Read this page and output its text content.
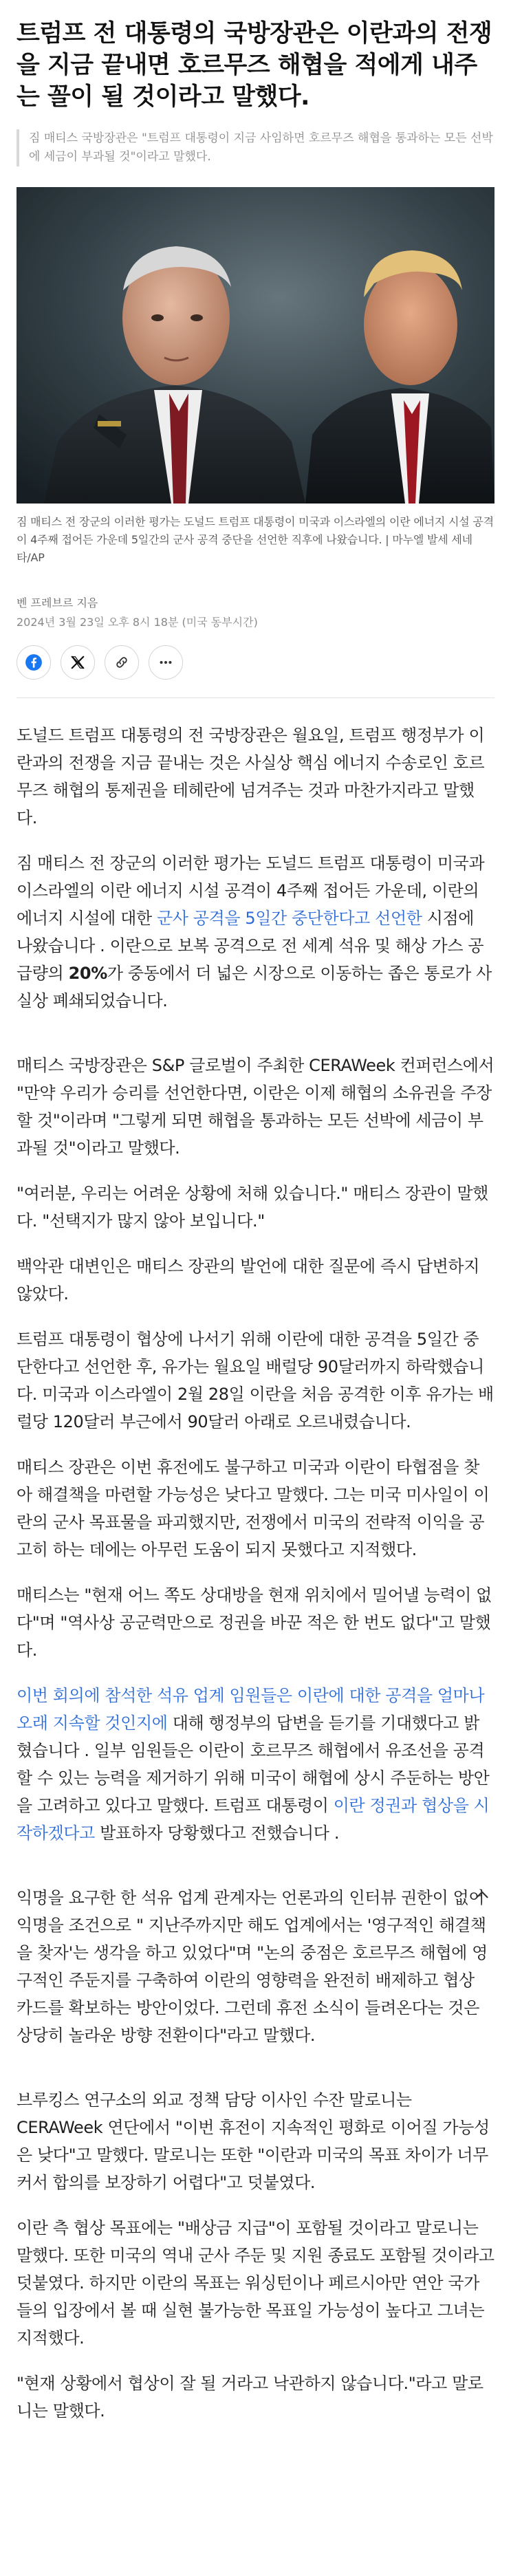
트럼프 전 대통령의 국방장관은 이란과의 전쟁을 지금 끝내면 호르무즈 해협을 적에게 내주는 꼴이 될 것이라고 말했다.
짐 매티스 국방장관은 "트럼프 대통령이 지금 사임하면 호르무즈 해협을 통과하는 모든 선박에 세금이 부과될 것"이라고 말했다.
짐 매티스 전 장군의 이러한 평가는 도널드 트럼프 대통령이 미국과 이스라엘의 이란 에너지 시설 공격이 4주째 접어든 가운데 5일간의 군사 공격 중단을 선언한 직후에 나왔습니다. | 마누엘 발세 세네타/AP
벤 프레브르 지음
2024년 3월 23일 오후 8시 18분 (미국 동부시간)

도널드 트럼프 대통령의 전 국방장관은 월요일, 트럼프 행정부가 이란과의 전쟁을 지금 끝내는 것은 사실상 핵심 에너지 수송로인 호르무즈 해협의 통제권을 테헤란에 넘겨주는 것과 마찬가지라고 말했다.

짐 매티스 전 장군의 이러한 평가는 도널드 트럼프 대통령이 미국과 이스라엘의 이란 에너지 시설 공격이 4주째 접어든 가운데, 이란의 에너지 시설에 대한 군사 공격을 5일간 중단한다고 선언한 시점에 나왔습니다 . 이란으로 보복 공격으로 전 세계 석유 및 해상 가스 공급량의 20%가 중동에서 더 넓은 시장으로 이동하는 좁은 통로가 사실상 폐쇄되었습니다.

매티스 국방장관은 S&P 글로벌이 주최한 CERAWeek 컨퍼런스에서 "만약 우리가 승리를 선언한다면, 이란은 이제 해협의 소유권을 주장할 것"이라며 "그렇게 되면 해협을 통과하는 모든 선박에 세금이 부과될 것"이라고 말했다.

"여러분, 우리는 어려운 상황에 처해 있습니다." 매티스 장관이 말했다. "선택지가 많지 않아 보입니다."

백악관 대변인은 매티스 장관의 발언에 대한 질문에 즉시 답변하지 않았다.

트럼프 대통령이 협상에 나서기 위해 이란에 대한 공격을 5일간 중단한다고 선언한 후, 유가는 월요일 배럴당 90달러까지 하락했습니다. 미국과 이스라엘이 2월 28일 이란을 처음 공격한 이후 유가는 배럴당 120달러 부근에서 90달러 아래로 오르내렸습니다.

매티스 장관은 이번 휴전에도 불구하고 미국과 이란이 타협점을 찾아 해결책을 마련할 가능성은 낮다고 말했다. 그는 미국 미사일이 이란의 군사 목표물을 파괴했지만, 전쟁에서 미국의 전략적 이익을 공고히 하는 데에는 아무런 도움이 되지 못했다고 지적했다.

매티스는 "현재 어느 쪽도 상대방을 현재 위치에서 밀어낼 능력이 없다"며 "역사상 공군력만으로 정권을 바꾼 적은 한 번도 없다"고 말했다.

이번 회의에 참석한 석유 업계 임원들은 이란에 대한 공격을 얼마나 오래 지속할 것인지에 대해 행정부의 답변을 듣기를 기대했다고 밝혔습니다 . 일부 임원들은 이란이 호르무즈 해협에서 유조선을 공격할 수 있는 능력을 제거하기 위해 미국이 해협에 상시 주둔하는 방안을 고려하고 있다고 말했다. 트럼프 대통령이 이란 정권과 협상을 시작하겠다고 발표하자 당황했다고 전했습니다 .

익명을 요구한 한 석유 업계 관계자는 언론과의 인터뷰 권한이 없어 익명을 조건으로 " 지난주까지만 해도 업계에서는 '영구적인 해결책을 찾자'는 생각을 하고 있었다"며 "논의 중점은 호르무즈 해협에 영구적인 주둔지를 구축하여 이란의 영향력을 완전히 배제하고 협상 카드를 확보하는 방안이었다. 그런데 휴전 소식이 들려온다는 것은 상당히 놀라운 방향 전환이다"라고 말했다.

브루킹스 연구소의 외교 정책 담당 이사인 수잔 말로니는 CERAWeek 연단에서 "이번 휴전이 지속적인 평화로 이어질 가능성은 낮다"고 말했다. 말로니는 또한 "이란과 미국의 목표 차이가 너무 커서 합의를 보장하기 어렵다"고 덧붙였다.

이란 측 협상 목표에는 "배상금 지급"이 포함될 것이라고 말로니는 말했다. 또한 미국의 역내 군사 주둔 및 지원 종료도 포함될 것이라고 덧붙였다. 하지만 이란의 목표는 워싱턴이나 페르시아만 연안 국가들의 입장에서 볼 때 실현 불가능한 목표일 가능성이 높다고 그녀는 지적했다.

"현재 상황에서 협상이 잘 될 거라고 낙관하지 않습니다."라고 말로니는 말했다.
